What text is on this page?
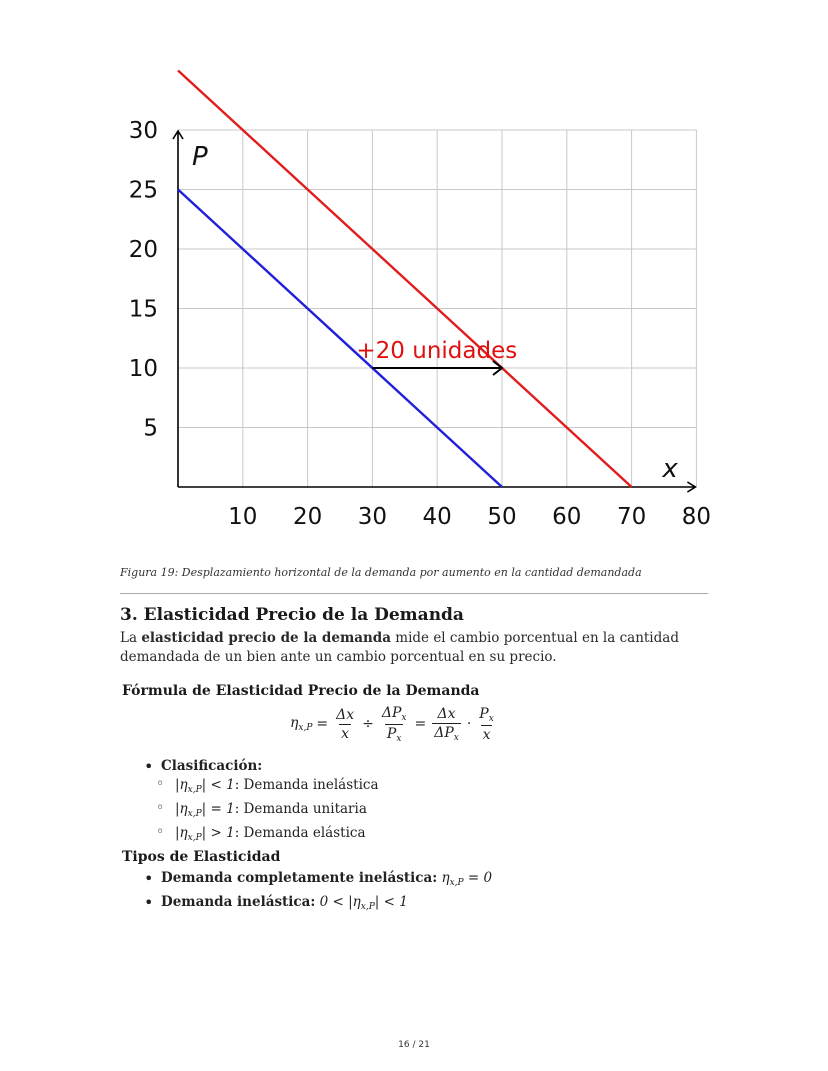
10 20 30 40 50 60 70 80
5
10
15
20
25
30
P
x
+20 unidades
Figura 19: Desplazamiento horizontal de la demanda por aumento en la cantidad demandada
3. Elasticidad Precio de la Demanda

La elasticidad precio de la demanda mide el cambio porcentual en la cantidad demandada de un bien ante un cambio porcentual en su precio.

Fórmula de Elasticidad Precio de la Demanda
$\eta_{x,P} = \frac{\Delta x}{x} \div \frac{\Delta P_x}{P_x} = \frac{\Delta x}{\Delta P_x} \cdot \frac{P_x}{x}$
• Clasificación:
◦ $|\eta_{x,P}| < 1$: Demanda inelástica
◦ $|\eta_{x,P}| = 1$: Demanda unitaria
◦ $|\eta_{x,P}| > 1$: Demanda elástica
Tipos de Elasticidad
• Demanda completamente inelástica: $\eta_{x,P} = 0$
• Demanda inelástica: $0 < |\eta_{x,P}| < 1$
16 / 21
